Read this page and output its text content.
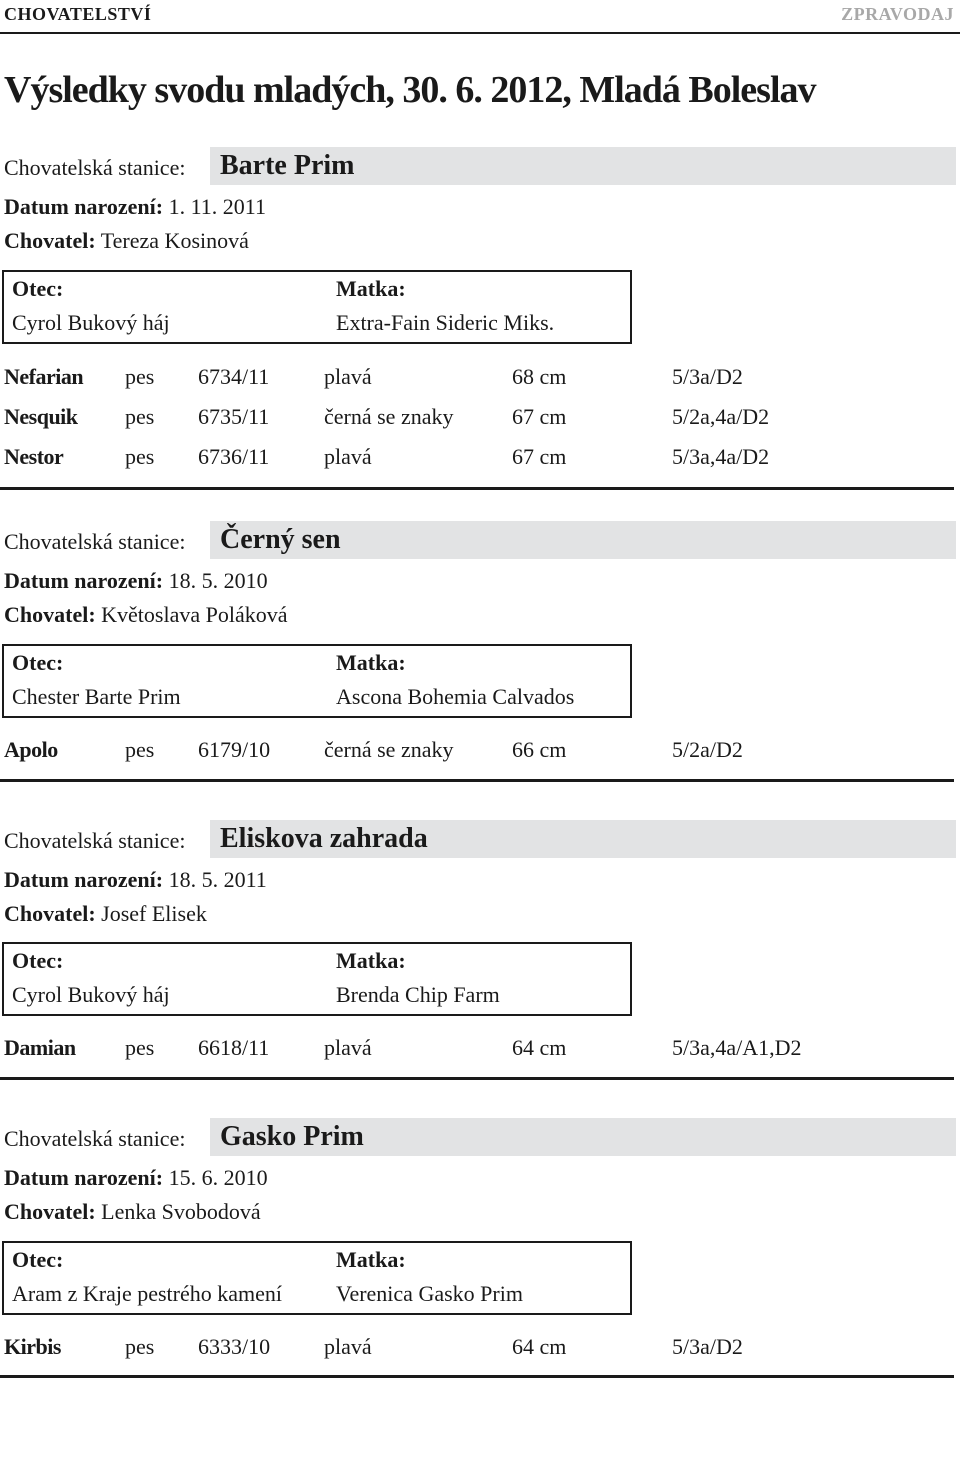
CHOVATELSTVÍ	ZPRAVODAJ
Výsledky svodu mladých, 30. 6. 2012, Mladá Boleslav
Chovatelská stanice: Barte Prim
Datum narození: 1. 11. 2011
Chovatel: Tereza Kosinová
Otec:
Cyrol Bukový háj
Matka:
Extra-Fain Sideric Miks.
Nefarian pes 6734/11 plavá	68 cm	5/3a/D2
Nesquik pes 6735/11 černá se znaky	67 cm	5/2a,4a/D2
Nestor	pes 6736/11 plavá	67 cm	5/3a,4a/D2
Chovatelská stanice: Černý sen
Datum narození: 18. 5. 2010
Chovatel: Květoslava Poláková
Otec:
Chester Barte Prim
Matka:
Ascona Bohemia Calvados
Apolo	pes 6179/10 černá se znaky	66 cm	5/2a/D2
Chovatelská stanice: Eliskova zahrada
Datum narození: 18. 5. 2011
Chovatel: Josef Elisek
Otec:
Cyrol Bukový háj
Matka:
Brenda Chip Farm
Damian pes 6618/11 plavá	64 cm	5/3a,4a/A1,D2
Chovatelská stanice: Gasko Prim
Datum narození: 15. 6. 2010
Chovatel: Lenka Svobodová
Otec:
Aram z Kraje pestrého kamení
Matka:
Verenica Gasko Prim
Kirbis	pes 6333/10 plavá	64 cm	5/3a/D2
